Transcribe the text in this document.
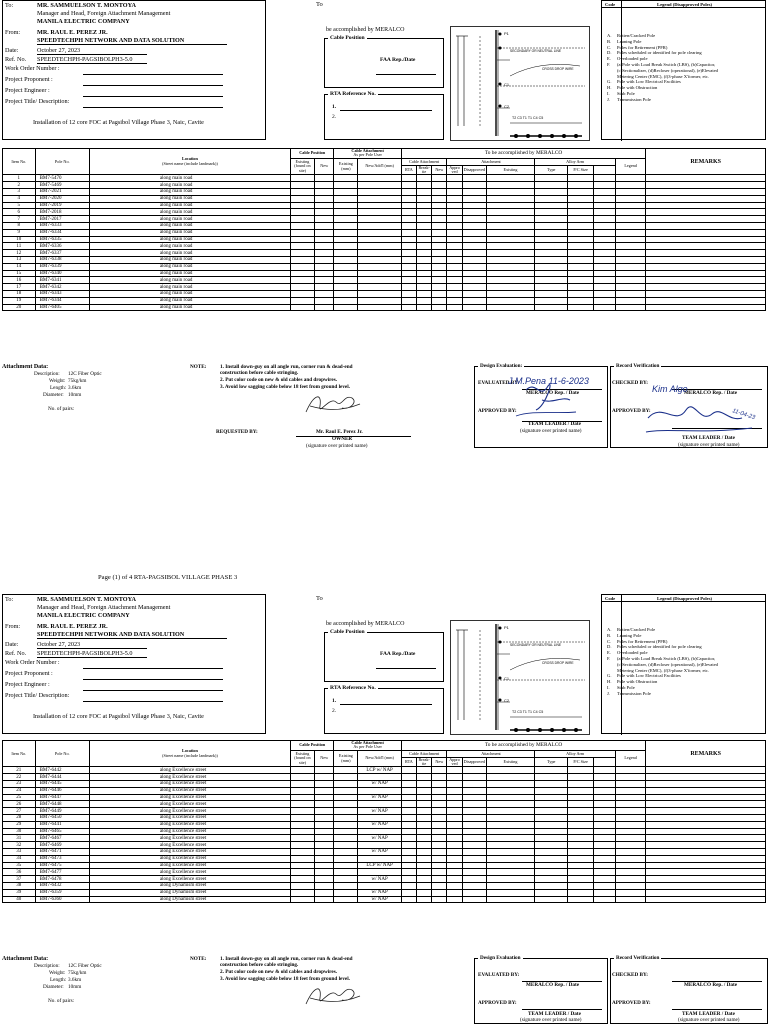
To:	MR. SAMMUELSON T. MONTOYA
Manager and Head, Foreign Attachment Management
MANILA ELECTRIC COMPANY
From:	MR. RAUL E. PEREZ JR.
SPEEDTECHPH NETWORK AND DATA SOLUTION
Date:	October 27, 2023
Ref. No. SPEEDTECHPH-PAGSIBOLPH3-5.0
Work Order Number :
Project Proponent :
Project Engineer :
Project Title/ Description:
Installation of 12 core FOC at Pagsibol Village Phase 3, Naic, Cavite
To
be accomplished by MERALCO
Cable Position
FAA Rep./Date
RTA Reference No.
1.
2.
P1
C1
C2
SECONDARY OR NEUTRAL LINE
CROSS DROP WIRE
T2 C3 T1 T1 C4 C5
Code	Legend (Disapproved Poles)
A. Rotten/Cracked Pole
B. Leaning Pole
C. Poles for Retirement (PFR)
D. Poles scheduled or identified for pole clearing
E. Overloaded pole
F. (a)Pole with Load Break Switch (LBS), (b)Capacitor,
(c)Sectionalizer, (d)Recloser (operational), (e)Elevated
Metering Center (EMC), (f)3-phase X'former, etc.
G. Pole with Low Electrical Facilities
H. Pole with Obstruction
I. Stub Pole
J. Transmission Pole
Item No.	Pole No.	Location
(Street name (include landmark))	Cable Position		Cable Attachment
As per Pole User		To be accomplished by MERALCO										REMARKS
			Existing (found on site)	New	Existing (mm)	New/Add'l (mm)	Cable Attachment			Attachment			Alloy Arm			Legend	
							RTA	Break-tie	New	Appro ved	Disapproved	Existing	Type	P/C Size		
1	BM7-5470	along main road															
2	BM7-5469	along main road															
3	BM7-2021	along main road															
4	BM7-2020	along main road															
5	BM7-2019	along main road															
6	BM7-2018	along main road															
7	BM7-2017	along main road															
8	BM7-6333	along main road															
9	BM7-6334	along main road															
10	BM7-6335	along main road															
11	BM7-6336	along main road															
12	BM7-6337	along main road															
13	BM7-6338	along main road															
14	BM7-6339	along main road															
15	BM7-6340	along main road															
16	BM7-6341	along main road															
17	BM7-6342	along main road															
18	BM7-6343	along main road															
19	BM7-6344	along main road															
20	BM7-6405	along main road															
Attachment Data:
Description: 12C Fiber Optic
Weight: 75kg/km
Length: 3.6km
Diameter: 10mm
No. of pairs:
NOTE:	1. Install down-guy on all angle run, corner run & dead-end
construction before cable stringing.
2. Put color code on new & old cables and dropwires.
3. Avoid low sagging cable below 18 feet from ground level.
REQUESTED BY:	Mr. Raul E. Perez Jr.
OWNER
(signature over printed name)
Design Evaluation:
EVALUATED BY:
MERALCO Rep. / Date
APPROVED BY:
TEAM LEADER / Date
(signature over printed name)
Record Verification
CHECKED BY:
MERALCO Rep. / Date
APPROVED BY:
TEAM LEADER / Date
(signature over printed name)
J.M.Pena 11-6-2023
Kim Algo
11-04-23
Page (1) of 4 RTA-PAGSIBOL VILLAGE PHASE 3
To:	MR. SAMMUELSON T. MONTOYA
Manager and Head, Foreign Attachment Management
MANILA ELECTRIC COMPANY
From:	MR. RAUL E. PEREZ JR.
SPEEDTECHPH NETWORK AND DATA SOLUTION
Date:	October 27, 2023
Ref. No. SPEEDTECHPH-PAGSIBOLPH3-5.0
Work Order Number :
Project Proponent :
Project Engineer :
Project Title/ Description:
Installation of 12 core FOC at Pagsibol Village Phase 3, Naic, Cavite
To
be accomplished by MERALCO
Cable Position
FAA Rep./Date
RTA Reference No.
1.
2.
P1
C1
C2
SECONDARY OR NEUTRAL LINE
CROSS DROP WIRE
T2 C3 T1 T1 C4 C5
Code	Legend (Disapproved Poles)
A. Rotten/Cracked Pole
B. Leaning Pole
C. Poles for Retirement (PFR)
D. Poles scheduled or identified for pole clearing
E. Overloaded pole
F. (a)Pole with Load Break Switch (LBS), (b)Capacitor,
(c)Sectionalizer, (d)Recloser (operational), (e)Elevated
Metering Center (EMC), (f)3-phase X'former, etc.
G. Pole with Low Electrical Facilities
H. Pole with Obstruction
I. Stub Pole
J. Transmission Pole
Item No.	Pole No.	Location
(Street name (include landmark))	Cable Position		Cable Attachment
As per Pole User		To be accomplished by MERALCO										REMARKS
			Existing (found on site)	New	Existing (mm)	New/Add'l (mm)	Cable Attachment			Attachment			Alloy Arm			Legend	
							RTA	Break-tie	New	Appro ved	Disapproved	Existing	Type	P/C Size		
21	BM7-6442	along Excellence street				LCP w/ NAP											
22	BM7-6444	along Excellence street															
23	BM7-6445	along Excellence street				w/ NAP											
24	BM7-6446	along Excellence street															
25	BM7-6447	along Excellence street				w/ NAP											
26	BM7-6448	along Excellence street															
27	BM7-6449	along Excellence street				w/ NAP											
28	BM7-6450	along Excellence street															
29	BM7-6441	along Excellence street				w/ NAP											
30	BM7-6465	along Excellence street															
31	BM7-6467	along Excellence street				w/ NAP											
32	BM7-6469	along Excellence street															
33	BM7-6471	along Excellence street				w/ NAP											
34	BM7-6473	along Excellence street															
35	BM7-6475	along Excellence street				LCP w/ NAP											
36	BM7-6477	along Excellence street															
37	BM7-6478	along Excellence street				w/ NAP											
38	BM7-6432	along Dynamism street															
39	BM7-6359	along Dynamism street				w/ NAP											
40	BM7-6360	along Dynamism street				w/ NAP											
Attachment Data:
Description: 12C Fiber Optic
Weight: 75kg/km
Length: 3.6km
Diameter: 10mm
No. of pairs:
NOTE:	1. Install down-guy on all angle run, corner run & dead-end
construction before cable stringing.
2. Put color code on new & old cables and dropwires.
3. Avoid low sagging cable below 18 feet from ground level.
Design Evaluation
EVALUATED BY:
MERALCO Rep. / Date
APPROVED BY:
TEAM LEADER / Date
(signature over printed name)
Record Verification
CHECKED BY:
MERALCO Rep. / Date
APPROVED BY:
TEAM LEADER / Date
(signature over printed name)
